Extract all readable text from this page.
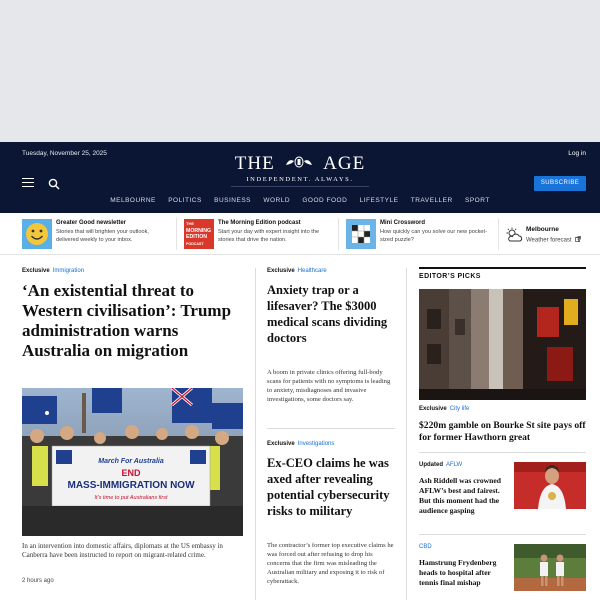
Tuesday, November 25, 2025	Log in
THE	AGE
INDEPENDENT. ALWAYS.	SUBSCRIBE
MELBOURNE POLITICS BUSINESS WORLD GOOD FOOD LIFESTYLE TRAVELLER SPORT
Greater Good newsletter
Stories that will brighten your outlook, delivered weekly to your inbox.
THE
MORNING
EDITION
PODCAST
The Morning Edition podcast
Start your day with expert insight into the stories that drive the nation.
Mini Crossword
How quickly can you solve our new pocket-sized puzzle?
Melbourne
Weather forecast
Exclusive Immigration
‘An existential threat to Western civilisation’: Trump administration warns Australia on migration
March For Australia
END
MASS-IMMIGRATION NOW
It's time to put Australians first

In an intervention into domestic affairs, diplomats at the US embassy in Canberra have been instructed to report on migrant-related crime.

2 hours ago
Exclusive Healthcare
Anxiety trap or a lifesaver? The $3000 medical scans dividing doctors

A boom in private clinics offering full-body scans for patients with no symptoms is leading to anxiety, misdiagnoses and invasive investigations, some doctors say.

Exclusive Investigations
Ex-CEO claims he was axed after revealing potential cybersecurity risks to military

The contractor’s former top executive claims he was forced out after refusing to drop his concerns that the firm was misleading the Australian military and exposing it to risk of cyberattack.

EDITOR’S PICKS
Exclusive City life
$220m gamble on Bourke St site pays off for former Hawthorn great
Updated AFLW
Ash Riddell was crowned AFLW’s best and fairest. But this moment had the audience gasping
CBD
Hamstrung Frydenberg heads to hospital after tennis final mishap
